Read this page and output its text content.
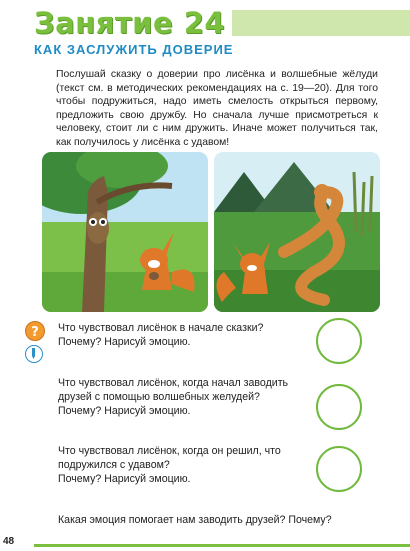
Занятие 24
КАК ЗАСЛУЖИТЬ ДОВЕРИЕ
Послушай сказку о доверии про лисёнка и волшебные жёлуди (текст см. в методических рекомендациях на с. 19—20). Для того чтобы подружиться, надо иметь смелость открыться первому, предложить свою дружбу. Но сначала лучше присмотреться к человеку, стоит ли с ним дружить. Иначе может получиться так, как получилось у лисёнка с удавом!
? Что чувствовал лисёнок в начале сказки?
Почему? Нарисуй эмоцию.
Что чувствовал лисёнок, когда начал заводить
друзей с помощью волшебных желудей?
Почему? Нарисуй эмоцию.
Что чувствовал лисёнок, когда он решил, что
подружился с удавом?
Почему? Нарисуй эмоцию.
Какая эмоция помогает нам заводить друзей? Почему?
48
